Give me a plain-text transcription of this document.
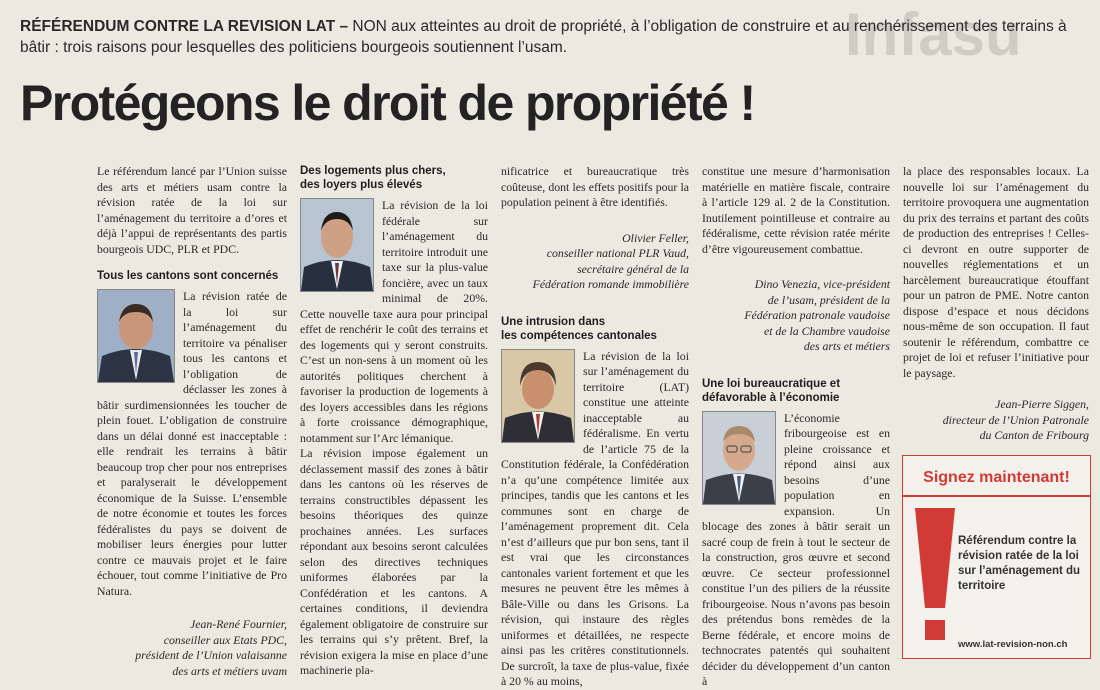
Infasu
RÉFÉRENDUM CONTRE LA REVISION LAT – NON aux atteintes au droit de propriété, à l’obligation de construire et au renchérissement des terrains à bâtir : trois raisons pour lesquelles des politiciens bourgeois soutiennent l’usam.
Protégeons le droit de propriété !

Le référendum lancé par l’Union suisse des arts et métiers usam contre la révision ratée de la loi sur l’aménagement du territoire a d’ores et déjà l’appui de représentants des partis bourgeois UDC, PLR et PDC.

Tous les cantons sont concernés

La révision ratée de la loi sur l’aménagement du territoire va pénaliser tous les cantons et l’obligation de déclasser les zones à bâtir surdimensionnées les toucher de plein fouet. L’obligation de construire dans un délai donné est inacceptable : elle rendrait les terrains à bâtir beaucoup trop cher pour nos entreprises et paralyserait le développement économique de la Suisse. L’ensemble de notre économie et toutes les forces fédéralistes du pays se doivent de mobiliser leurs énergies pour lutter contre ce mauvais projet et le faire échouer, tout comme l’initiative de Pro Natura.

Jean-René Fournier,
conseiller aux Etats PDC,
président de l’Union valaisanne
des arts et métiers uvam
Des logements plus chers,
des loyers plus élevés

La révision de la loi fédérale sur l’aménagement du territoire introduit une taxe sur la plus-value foncière, avec un taux minimal de 20%. Cette nouvelle taxe aura pour principal effet de renchérir le coût des terrains et des logements qui y seront construits. C’est un non-sens à un moment où les autorités politiques cherchent à favoriser la production de logements à des loyers accessibles dans les régions à forte croissance démographique, notamment sur l’Arc lémanique.

La révision impose également un déclassement massif des zones à bâtir dans les cantons où les réserves de terrains constructibles dépassent les besoins théoriques des quinze prochaines années. Les surfaces répondant aux besoins seront calculées selon des directives techniques uniformes élaborées par la Confédération et les cantons. A certaines conditions, il deviendra également obligatoire de construire sur les terrains qui s’y prêtent. Bref, la révision exigera la mise en place d’une machinerie pla-

nificatrice et bureaucratique très coûteuse, dont les effets positifs pour la population peinent à être identifiés.

Olivier Feller,
conseiller national PLR Vaud,
secrétaire général de la
Fédération romande immobilière
Une intrusion dans
les compétences cantonales

La révision de la loi sur l’aménagement du territoire (LAT) constitue une atteinte inacceptable au fédéralisme. En vertu de l’article 75 de la Constitution fédérale, la Confédération n’a qu’une compétence limitée aux principes, tandis que les cantons et les communes sont en charge de l’aménagement proprement dit. Cela n’est d’ailleurs que pur bon sens, tant il est vrai que les circonstances cantonales varient fortement et que les mesures ne peuvent être les mêmes à Bâle-Ville ou dans les Grisons. La révision, qui instaure des règles uniformes et détaillées, ne respecte ainsi pas les critères constitutionnels. De surcroît, la taxe de plus-value, fixée à 20 % au moins,

constitue une mesure d’harmonisation matérielle en matière fiscale, contraire à l’article 129 al. 2 de la Constitution. Inutilement pointilleuse et contraire au fédéralisme, cette révision ratée mérite d’être vigoureusement combattue.

Dino Venezia, vice-président
de l’usam, président de la
Fédération patronale vaudoise
et de la Chambre vaudoise
des arts et métiers
Une loi bureaucratique et
défavorable à l’économie

L’économie fribourgeoise est en pleine croissance et répond ainsi aux besoins d’une population en expansion. Un blocage des zones à bâtir serait un sacré coup de frein à tout le secteur de la construction, gros œuvre et second œuvre. Ce secteur professionnel constitue l’un des piliers de la réussite fribourgeoise. Nous n’avons pas besoin des prétendus bons remèdes de la Berne fédérale, et encore moins de technocrates patentés qui souhaitent décider du développement d’un canton à

la place des responsables locaux. La nouvelle loi sur l’aménagement du territoire provoquera une augmentation du prix des terrains et partant des coûts de production des entreprises ! Celles-ci devront en outre supporter de nouvelles réglementations et un harcèlement bureaucratique étouffant pour un patron de PME. Notre canton dispose d’espace et nous décidons nous-même de son occupation. Il faut soutenir le référendum, combattre ce projet de loi et refuser l’initiative pour le paysage.

Jean-Pierre Siggen,
directeur de l’Union Patronale
du Canton de Fribourg
Signez maintenant!
Référendum contre la révision ratée de la loi sur l’aménagement du territoire
www.lat-revision-non.ch
